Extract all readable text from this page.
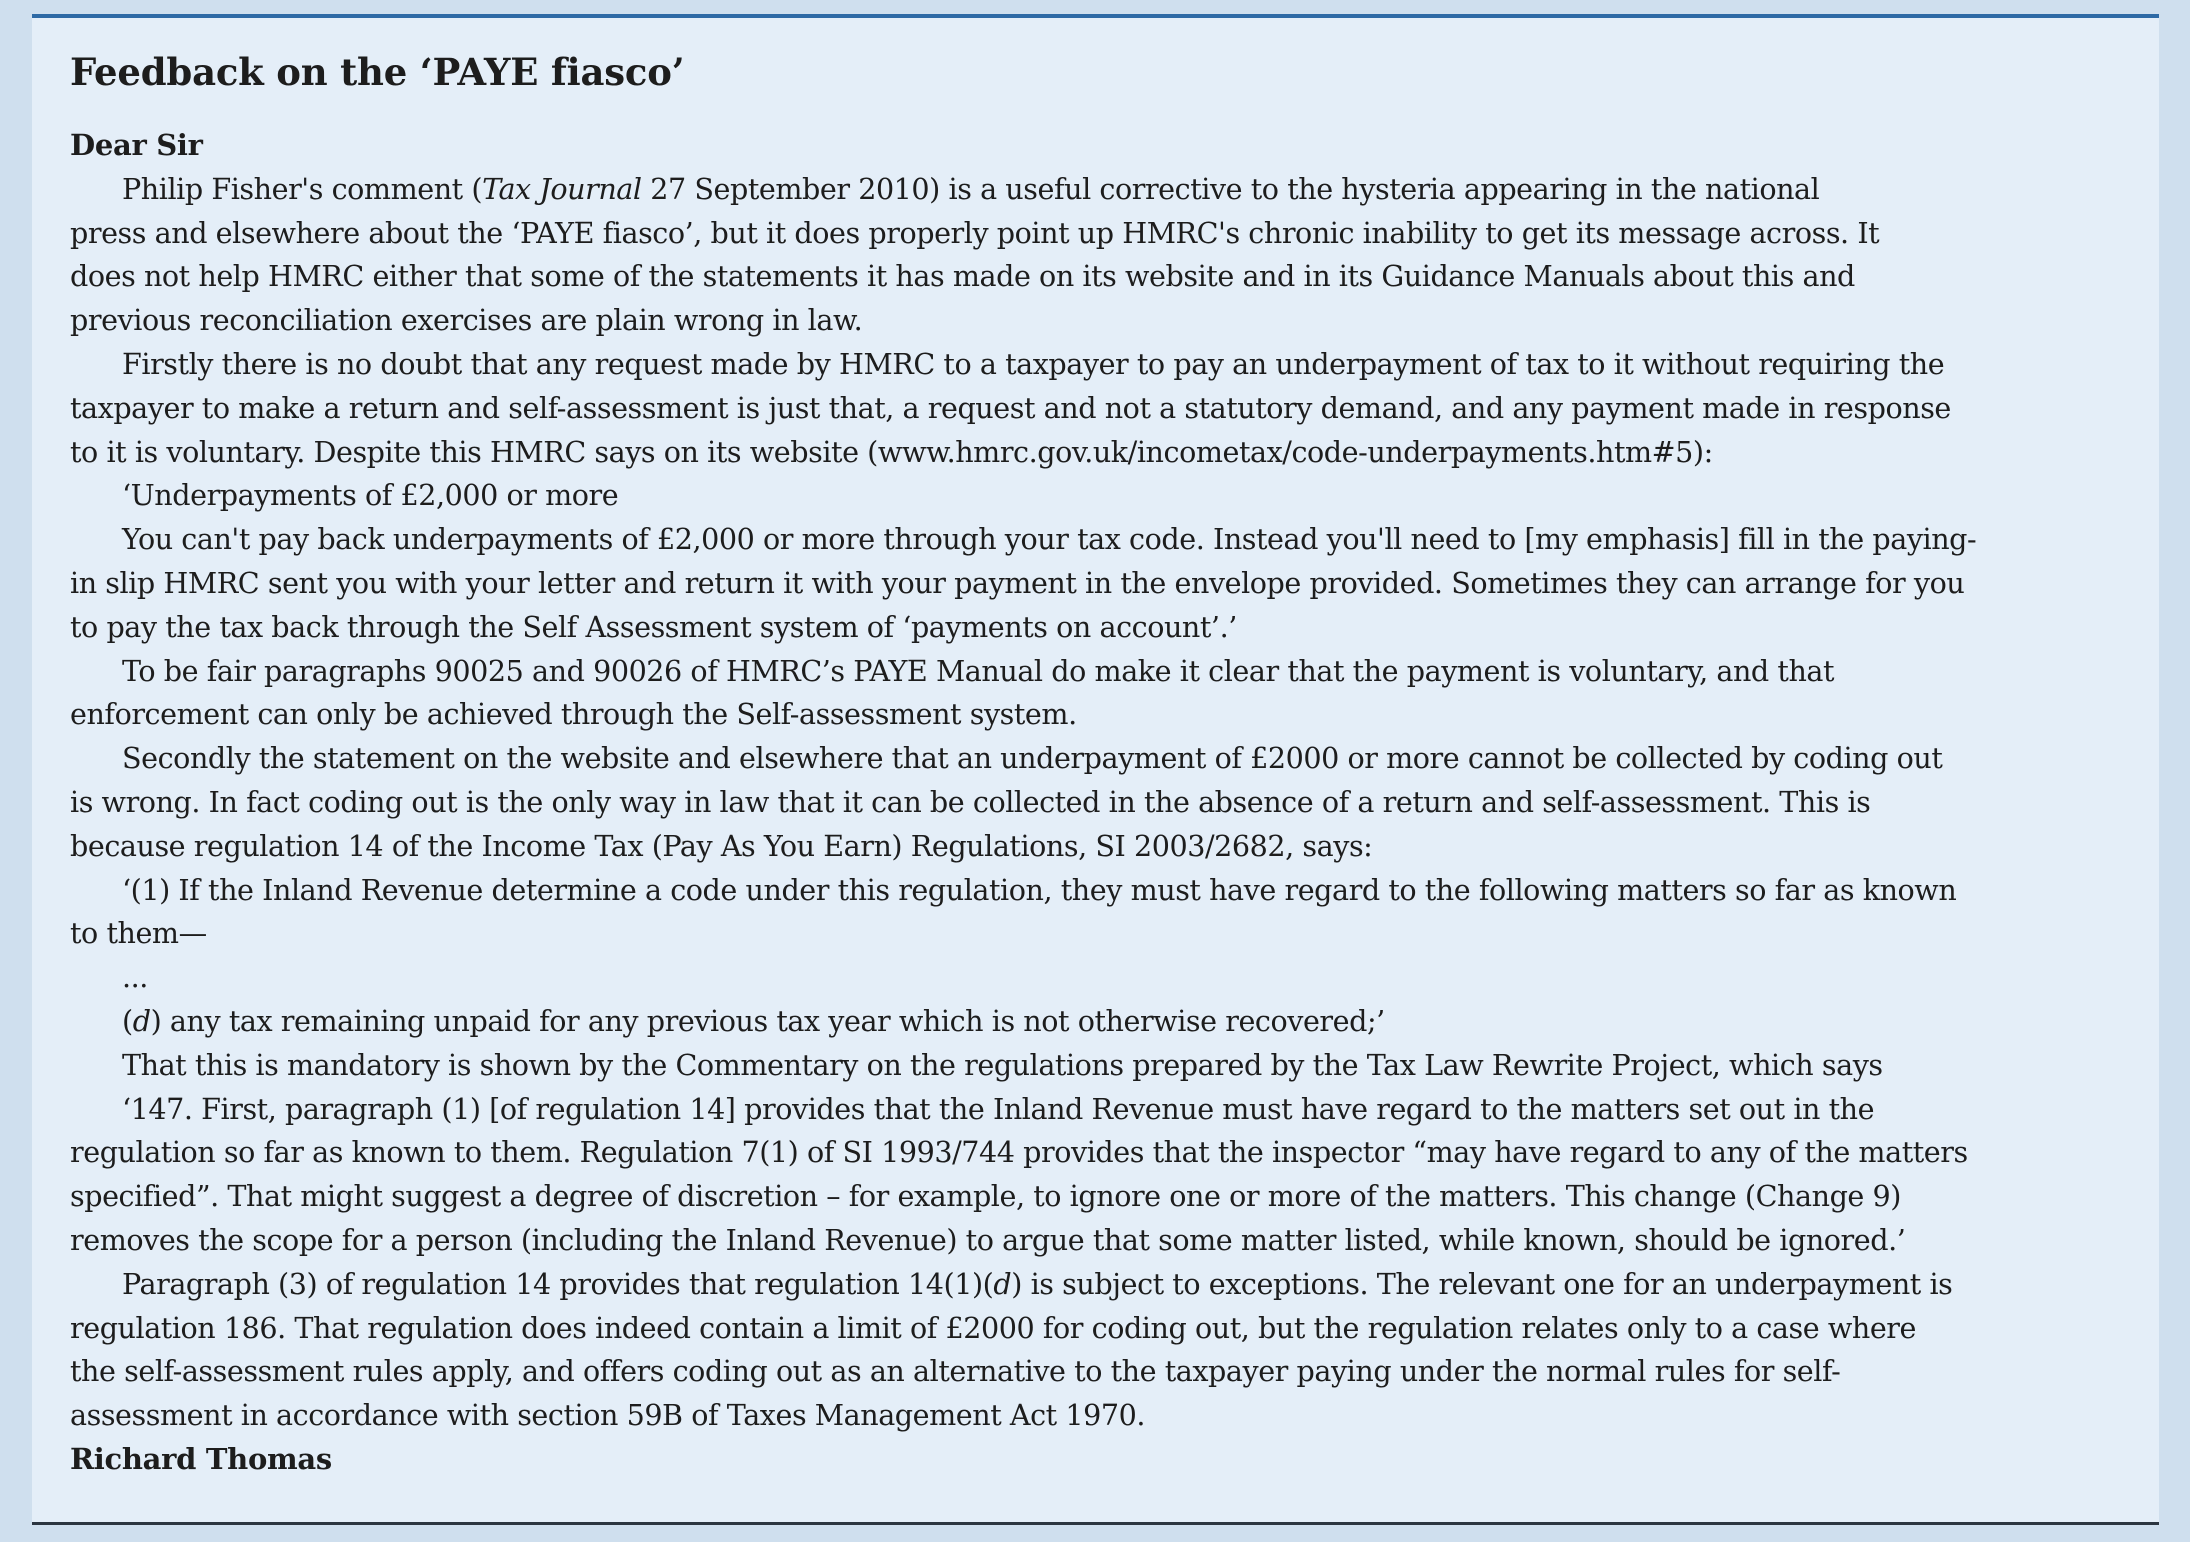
Feedback on the ‘PAYE fiasco’
Dear Sir
Philip Fisher's comment (Tax Journal 27 September 2010) is a useful corrective to the hysteria appearing in the national
press and elsewhere about the ‘PAYE fiasco’, but it does properly point up HMRC's chronic inability to get its message across. It
does not help HMRC either that some of the statements it has made on its website and in its Guidance Manuals about this and
previous reconciliation exercises are plain wrong in law.
Firstly there is no doubt that any request made by HMRC to a taxpayer to pay an underpayment of tax to it without requiring the
taxpayer to make a return and self-assessment is just that, a request and not a statutory demand, and any payment made in response
to it is voluntary. Despite this HMRC says on its website (www.hmrc.gov.uk/incometax/code-underpayments.htm#5):
‘Underpayments of £2,000 or more
You can't pay back underpayments of £2,000 or more through your tax code. Instead you'll need to [my emphasis] fill in the paying-
in slip HMRC sent you with your letter and return it with your payment in the envelope provided. Sometimes they can arrange for you
to pay the tax back through the Self Assessment system of ‘payments on account’.’
To be fair paragraphs 90025 and 90026 of HMRC’s PAYE Manual do make it clear that the payment is voluntary, and that
enforcement can only be achieved through the Self-assessment system.
Secondly the statement on the website and elsewhere that an underpayment of £2000 or more cannot be collected by coding out
is wrong. In fact coding out is the only way in law that it can be collected in the absence of a return and self-assessment. This is
because regulation 14 of the Income Tax (Pay As You Earn) Regulations, SI 2003/2682, says:
‘(1) If the Inland Revenue determine a code under this regulation, they must have regard to the following matters so far as known
to them—
...
(d) any tax remaining unpaid for any previous tax year which is not otherwise recovered;’
That this is mandatory is shown by the Commentary on the regulations prepared by the Tax Law Rewrite Project, which says
‘147. First, paragraph (1) [of regulation 14] provides that the Inland Revenue must have regard to the matters set out in the
regulation so far as known to them. Regulation 7(1) of SI 1993/744 provides that the inspector “may have regard to any of the matters
specified”. That might suggest a degree of discretion – for example, to ignore one or more of the matters. This change (Change 9)
removes the scope for a person (including the Inland Revenue) to argue that some matter listed, while known, should be ignored.’
Paragraph (3) of regulation 14 provides that regulation 14(1)(d) is subject to exceptions. The relevant one for an underpayment is
regulation 186. That regulation does indeed contain a limit of £2000 for coding out, but the regulation relates only to a case where
the self-assessment rules apply, and offers coding out as an alternative to the taxpayer paying under the normal rules for self-
assessment in accordance with section 59B of Taxes Management Act 1970.
Richard Thomas
